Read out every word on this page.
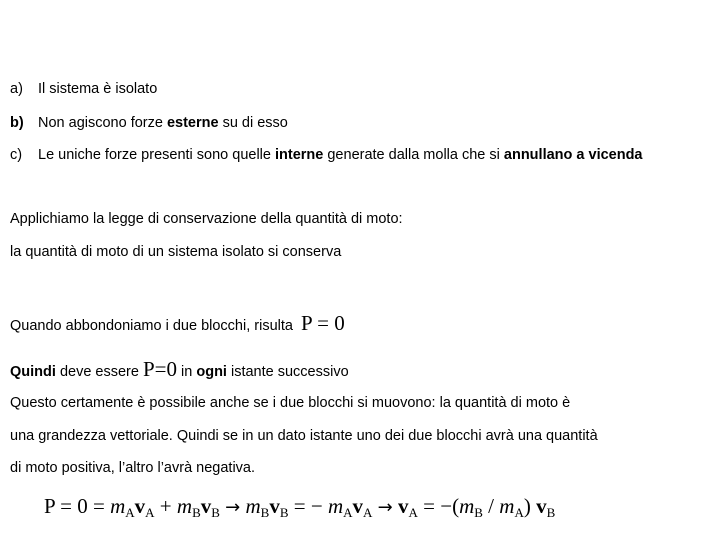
a) Il sistema è isolato
b) Non agiscono forze esterne su di esso
c) Le uniche forze presenti sono quelle interne generate dalla molla che si annullano a vicenda
Applichiamo la legge di conservazione della quantità di moto:
la quantità di moto di un sistema isolato si conserva
Quando abbondoniamo i due blocchi, risulta P = 0
Quindi deve essere P=0 in ogni istante successivo
Questo certamente è possibile anche se i due blocchi si muovono: la quantità di moto è
una grandezza vettoriale. Quindi se in un dato istante uno dei due blocchi avrà una quantità
di moto positiva, l’altro l’avrà negativa.
$P = 0 = m_Av_A + m_Bv_B \to m_Bv_B$ = − $m_Av_A \to v_A = -(m_B / m_A)$ $v_B$
